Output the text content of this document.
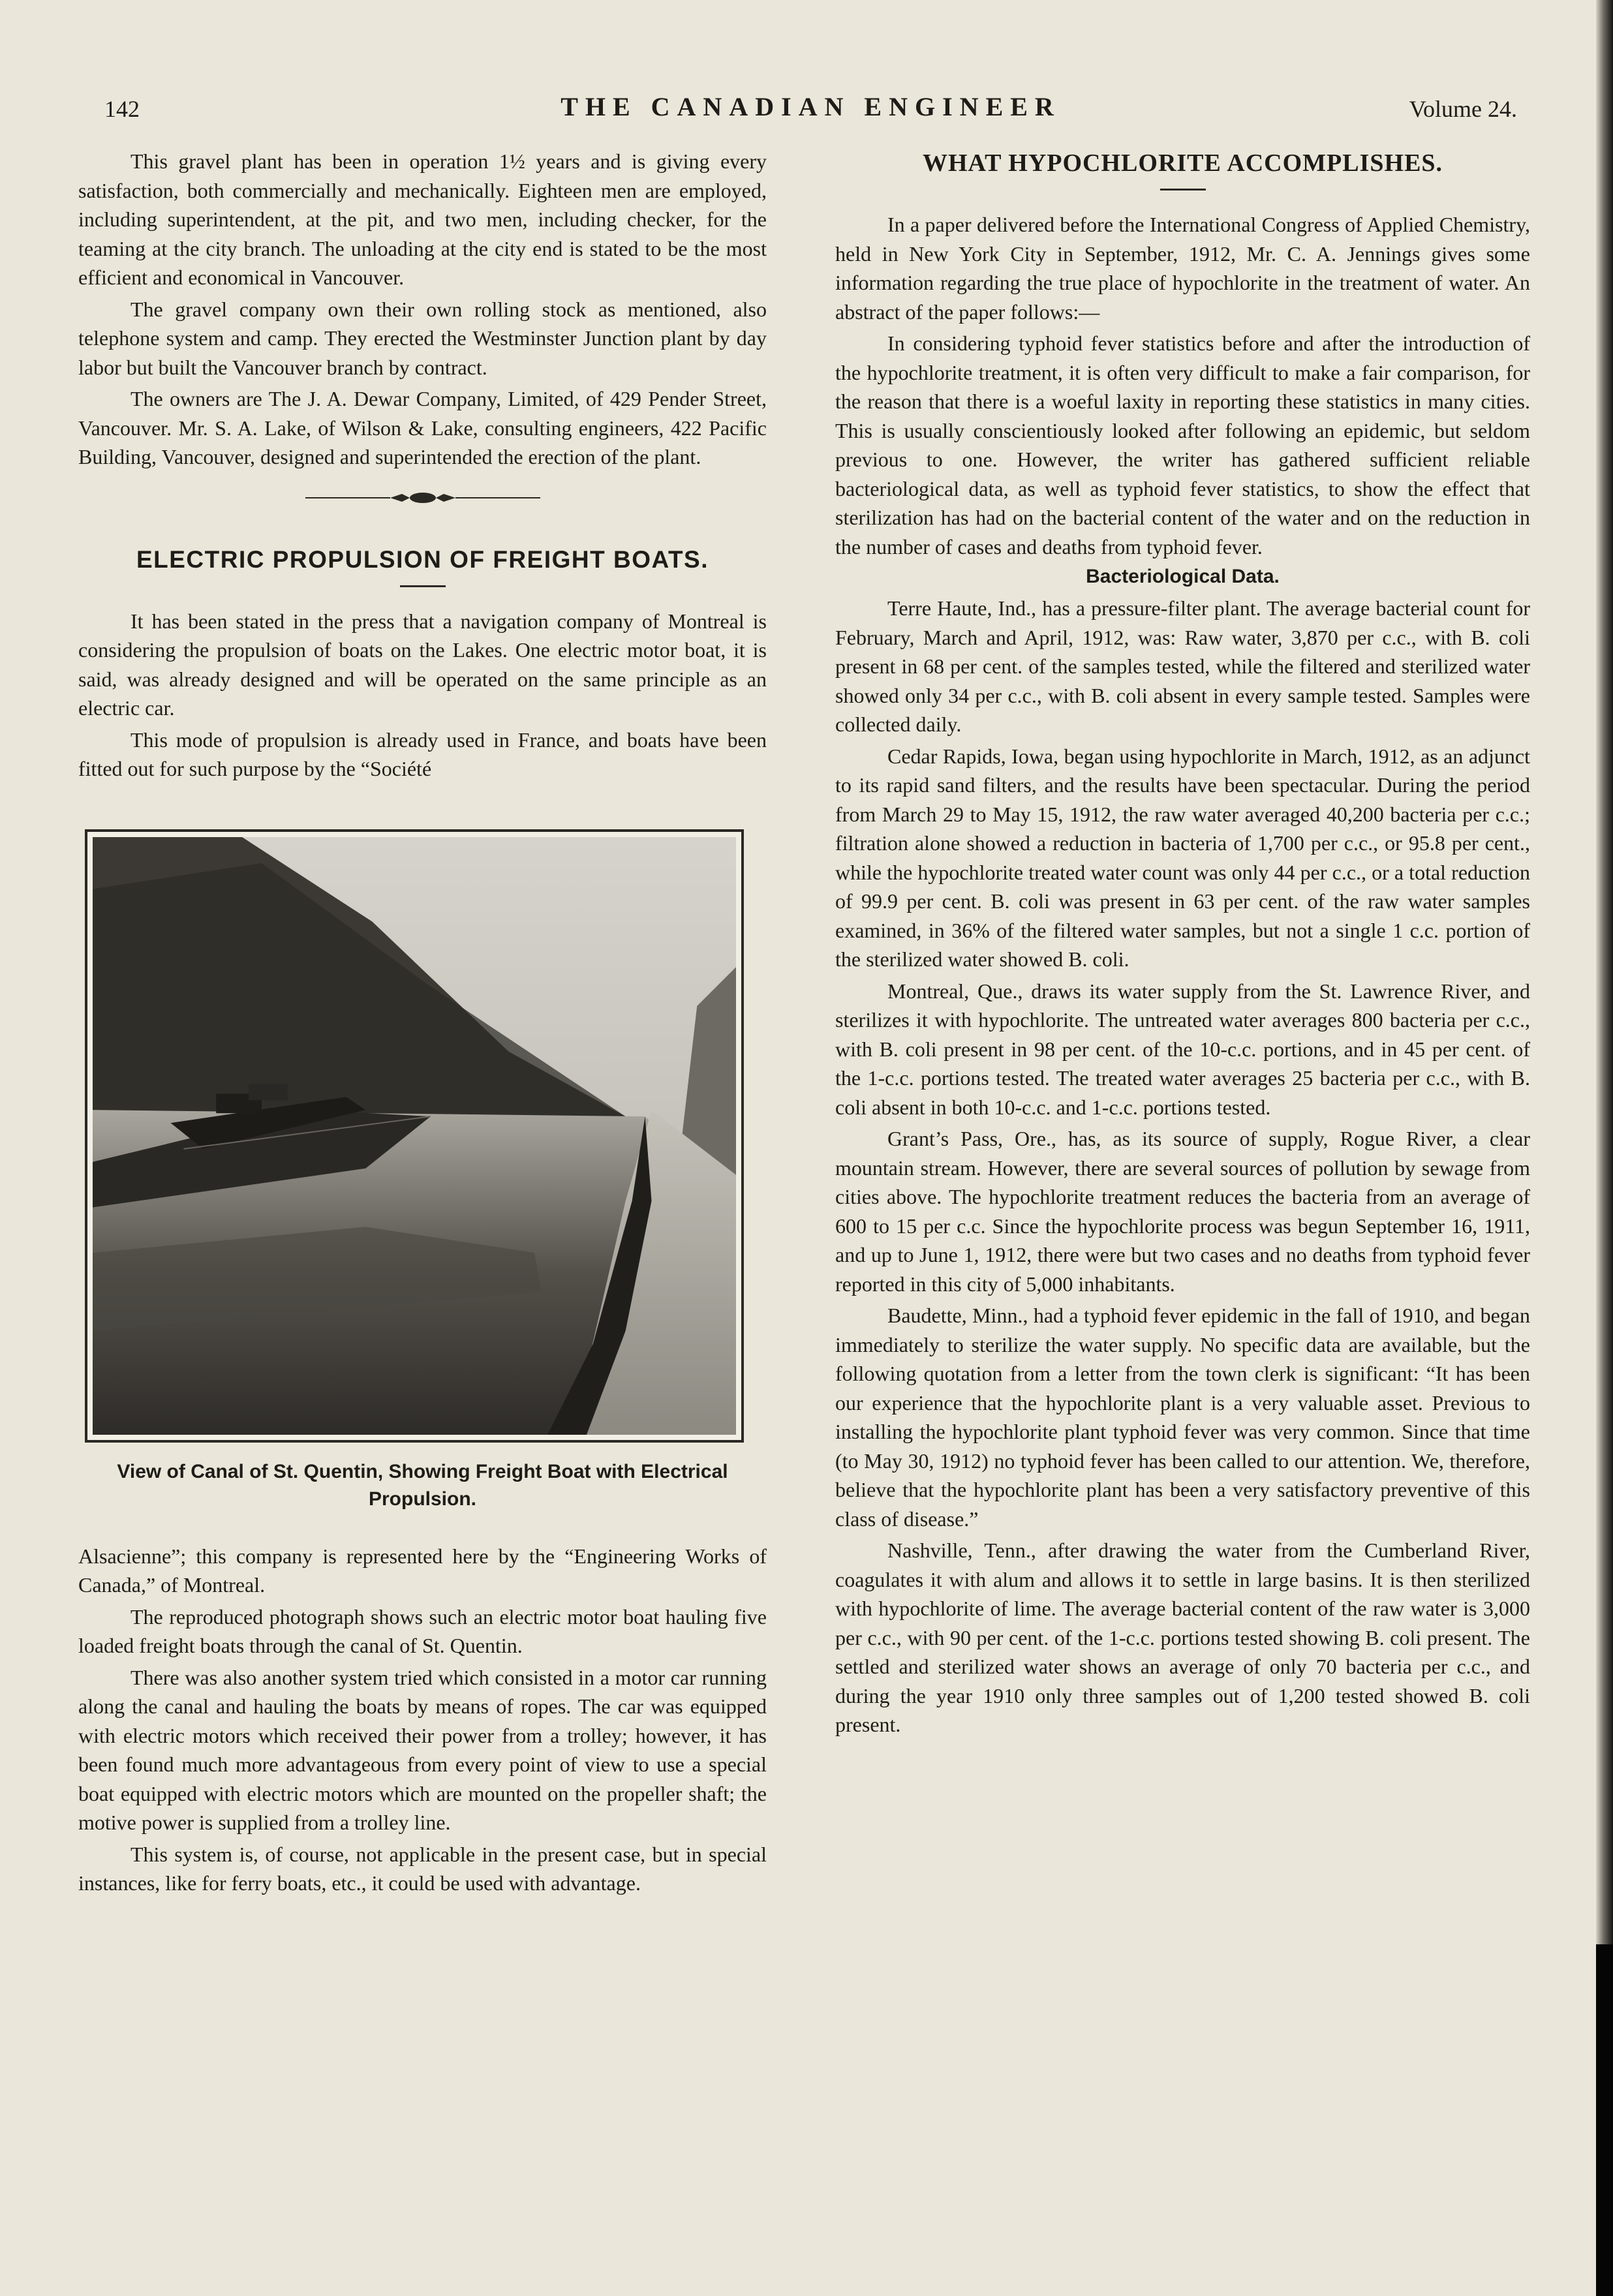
142	THE CANADIAN ENGINEER	Volume 24.

This gravel plant has been in operation 1½ years and is giving every satisfaction, both commercially and mechanically. Eighteen men are employed, including superintendent, at the pit, and two men, including checker, for the teaming at the city branch. The unloading at the city end is stated to be the most efficient and economical in Vancouver.

The gravel company own their own rolling stock as mentioned, also telephone system and camp. They erected the Westminster Junction plant by day labor but built the Vancouver branch by contract.

The owners are The J. A. Dewar Company, Limited, of 429 Pender Street, Vancouver. Mr. S. A. Lake, of Wilson & Lake, consulting engineers, 422 Pacific Building, Vancouver, designed and superintended the erection of the plant.

ELECTRIC PROPULSION OF FREIGHT BOATS.

It has been stated in the press that a navigation company of Montreal is considering the propulsion of boats on the Lakes. One electric motor boat, it is said, was already designed and will be operated on the same principle as an electric car.

This mode of propulsion is already used in France, and boats have been fitted out for such purpose by the “Société

View of Canal of St. Quentin, Showing Freight Boat with Electrical Propulsion.

Alsacienne”; this company is represented here by the “Engineering Works of Canada,” of Montreal.

The reproduced photograph shows such an electric motor boat hauling five loaded freight boats through the canal of St. Quentin.

There was also another system tried which consisted in a motor car running along the canal and hauling the boats by means of ropes. The car was equipped with electric motors which received their power from a trolley; however, it has been found much more advantageous from every point of view to use a special boat equipped with electric motors which are mounted on the propeller shaft; the motive power is supplied from a trolley line.

This system is, of course, not applicable in the present case, but in special instances, like for ferry boats, etc., it could be used with advantage.

WHAT HYPOCHLORITE ACCOMPLISHES.

In a paper delivered before the International Congress of Applied Chemistry, held in New York City in September, 1912, Mr. C. A. Jennings gives some information regarding the true place of hypochlorite in the treatment of water. An abstract of the paper follows:—

In considering typhoid fever statistics before and after the introduction of the hypochlorite treatment, it is often very difficult to make a fair comparison, for the reason that there is a woeful laxity in reporting these statistics in many cities. This is usually conscientiously looked after following an epidemic, but seldom previous to one. However, the writer has gathered sufficient reliable bacteriological data, as well as typhoid fever statistics, to show the effect that sterilization has had on the bacterial content of the water and on the reduction in the number of cases and deaths from typhoid fever.

Bacteriological Data.

Terre Haute, Ind., has a pressure-filter plant. The average bacterial count for February, March and April, 1912, was: Raw water, 3,870 per c.c., with B. coli present in 68 per cent. of the samples tested, while the filtered and sterilized water showed only 34 per c.c., with B. coli absent in every sample tested. Samples were collected daily.

Cedar Rapids, Iowa, began using hypochlorite in March, 1912, as an adjunct to its rapid sand filters, and the results have been spectacular. During the period from March 29 to May 15, 1912, the raw water averaged 40,200 bacteria per c.c.; filtration alone showed a reduction in bacteria of 1,700 per c.c., or 95.8 per cent., while the hypochlorite treated water count was only 44 per c.c., or a total reduction of 99.9 per cent. B. coli was present in 63 per cent. of the raw water samples examined, in 36% of the filtered water samples, but not a single 1 c.c. portion of the sterilized water showed B. coli.

Montreal, Que., draws its water supply from the St. Lawrence River, and sterilizes it with hypochlorite. The untreated water averages 800 bacteria per c.c., with B. coli present in 98 per cent. of the 10-c.c. portions, and in 45 per cent. of the 1-c.c. portions tested. The treated water averages 25 bacteria per c.c., with B. coli absent in both 10-c.c. and 1-c.c. portions tested.

Grant’s Pass, Ore., has, as its source of supply, Rogue River, a clear mountain stream. However, there are several sources of pollution by sewage from cities above. The hypochlorite treatment reduces the bacteria from an average of 600 to 15 per c.c. Since the hypochlorite process was begun September 16, 1911, and up to June 1, 1912, there were but two cases and no deaths from typhoid fever reported in this city of 5,000 inhabitants.

Baudette, Minn., had a typhoid fever epidemic in the fall of 1910, and began immediately to sterilize the water supply. No specific data are available, but the following quotation from a letter from the town clerk is significant: “It has been our experience that the hypochlorite plant is a very valuable asset. Previous to installing the hypochlorite plant typhoid fever was very common. Since that time (to May 30, 1912) no typhoid fever has been called to our attention. We, therefore, believe that the hypochlorite plant has been a very satisfactory preventive of this class of disease.”

Nashville, Tenn., after drawing the water from the Cumberland River, coagulates it with alum and allows it to settle in large basins. It is then sterilized with hypochlorite of lime. The average bacterial content of the raw water is 3,000 per c.c., with 90 per cent. of the 1-c.c. portions tested showing B. coli present. The settled and sterilized water shows an average of only 70 bacteria per c.c., and during the year 1910 only three samples out of 1,200 tested showed B. coli present.
